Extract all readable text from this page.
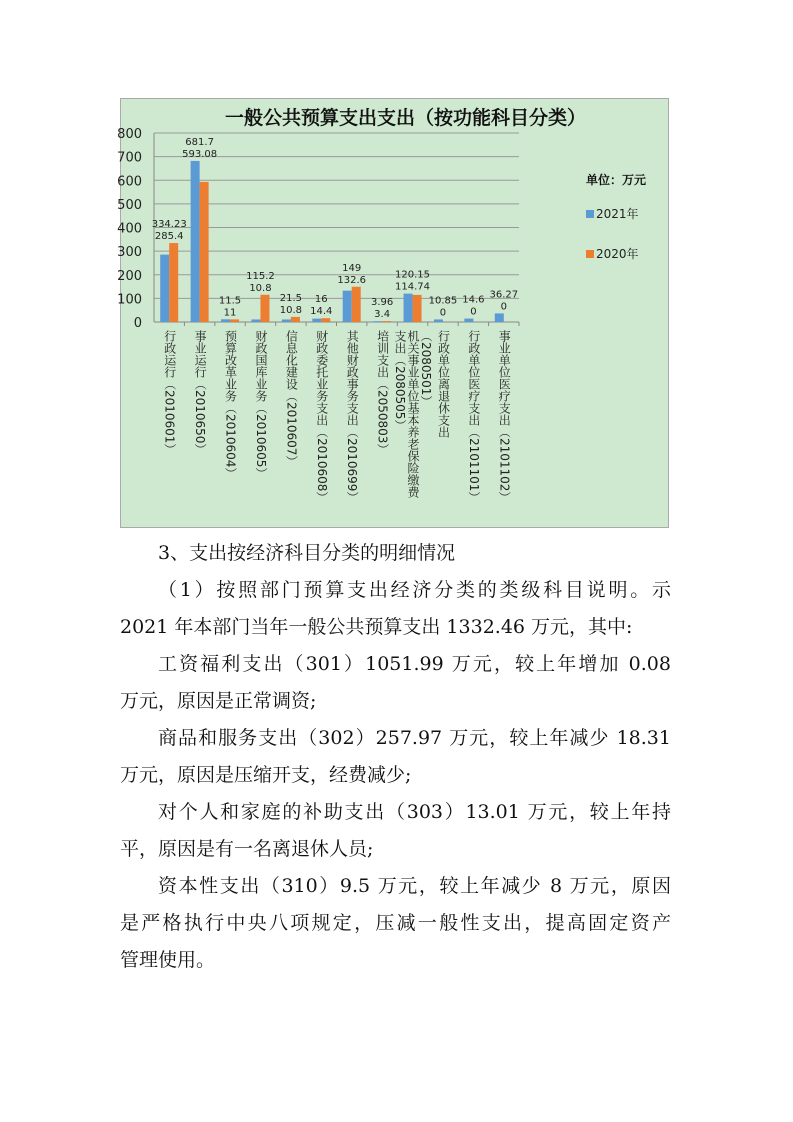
一般公共预算支出支出（按功能科目分类）
0
100
200
300
400
500
600
700
800
285.4
334.23
593.08
681.7
11
11.5
10.8
115.2
10.8
21.5
14.4
16
132.6
149
3.4
3.96
114.74
120.15
0
10.85
0
14.6
0
36.27
单位：万元
2021年
2020年
行政运行（2010601） 事业运行（2010650） 预算改革业务（2010604） 财政国库业务（2010605） 信息化建设（2010607） 财政委托业务支出（2010608） 其他财政事务支出（2010699） 培训支出（2050803） （2080501）
机关事业单位基本养老保险缴费
支出（2080505） 行政单位离退休支出 行政单位医疗支出（2101101） 事业单位医疗支出（2101102）
3、支出按经济科目分类的明细情况
（1）按照部门预算支出经济分类的类级科目说明。示
2021 年本部门当年一般公共预算支出 1332.46 万元，其中:
工资福利支出（301）1051.99 万元，较上年增加 0.08
万元，原因是正常调资;
商品和服务支出（302）257.97 万元，较上年减少 18.31
万元，原因是压缩开支，经费减少;
对个人和家庭的补助支出（303）13.01 万元，较上年持
平，原因是有一名离退休人员;
资本性支出（310）9.5 万元，较上年减少 8 万元，原因
是严格执行中央八项规定，压减一般性支出，提高固定资产
管理使用。
